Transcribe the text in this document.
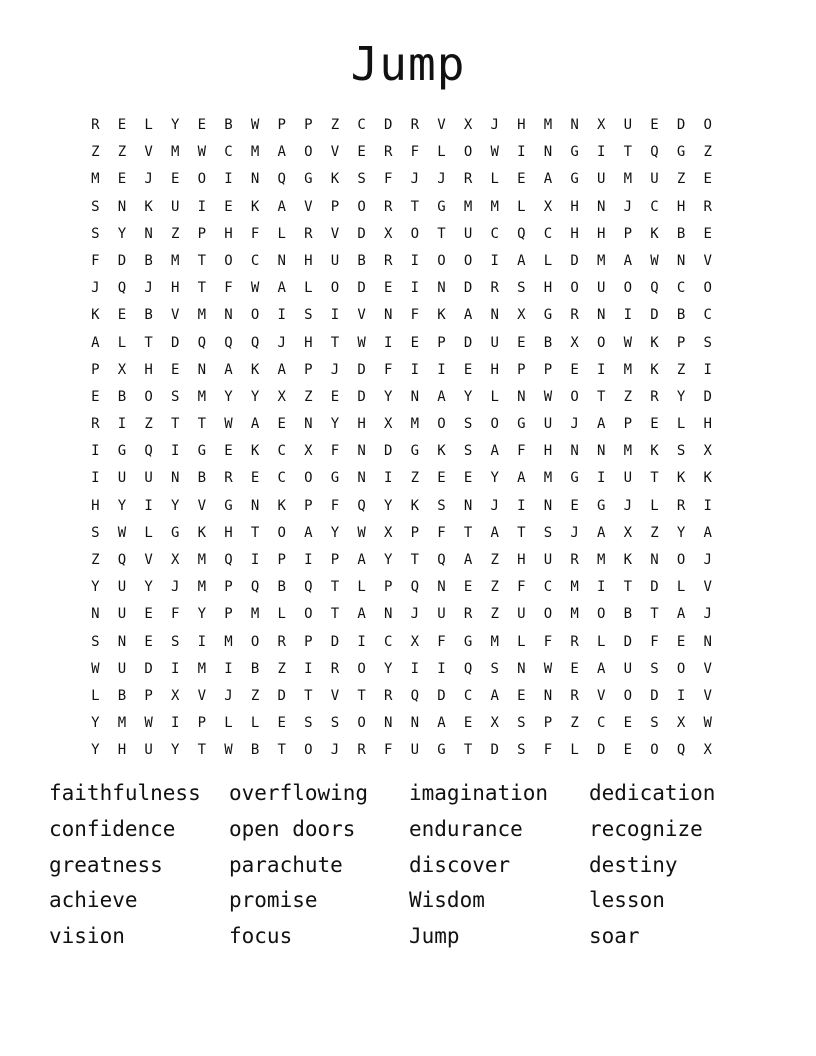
Jump
R	E	L	Y	E	B	W	P	P	Z	C	D	R	V	X	J	H	M	N	X	U	E	D	O
Z	Z	V	M	W	C	M	A	O	V	E	R	F	L	O	W	I	N	G	I	T	Q	G	Z
M	E	J	E	O	I	N	Q	G	K	S	F	J	J	R	L	E	A	G	U	M	U	Z	E
S	N	K	U	I	E	K	A	V	P	O	R	T	G	M	M	L	X	H	N	J	C	H	R
S	Y	N	Z	P	H	F	L	R	V	D	X	O	T	U	C	Q	C	H	H	P	K	B	E
F	D	B	M	T	O	C	N	H	U	B	R	I	O	O	I	A	L	D	M	A	W	N	V
J	Q	J	H	T	F	W	A	L	O	D	E	I	N	D	R	S	H	O	U	O	Q	C	O
K	E	B	V	M	N	O	I	S	I	V	N	F	K	A	N	X	G	R	N	I	D	B	C
A	L	T	D	Q	Q	Q	J	H	T	W	I	E	P	D	U	E	B	X	O	W	K	P	S
P	X	H	E	N	A	K	A	P	J	D	F	I	I	E	H	P	P	E	I	M	K	Z	I
E	B	O	S	M	Y	Y	X	Z	E	D	Y	N	A	Y	L	N	W	O	T	Z	R	Y	D
R	I	Z	T	T	W	A	E	N	Y	H	X	M	O	S	O	G	U	J	A	P	E	L	H
I	G	Q	I	G	E	K	C	X	F	N	D	G	K	S	A	F	H	N	N	M	K	S	X
I	U	U	N	B	R	E	C	O	G	N	I	Z	E	E	Y	A	M	G	I	U	T	K	K
H	Y	I	Y	V	G	N	K	P	F	Q	Y	K	S	N	J	I	N	E	G	J	L	R	I
S	W	L	G	K	H	T	O	A	Y	W	X	P	F	T	A	T	S	J	A	X	Z	Y	A
Z	Q	V	X	M	Q	I	P	I	P	A	Y	T	Q	A	Z	H	U	R	M	K	N	O	J
Y	U	Y	J	M	P	Q	B	Q	T	L	P	Q	N	E	Z	F	C	M	I	T	D	L	V
N	U	E	F	Y	P	M	L	O	T	A	N	J	U	R	Z	U	O	M	O	B	T	A	J
S	N	E	S	I	M	O	R	P	D	I	C	X	F	G	M	L	F	R	L	D	F	E	N
W	U	D	I	M	I	B	Z	I	R	O	Y	I	I	Q	S	N	W	E	A	U	S	O	V
L	B	P	X	V	J	Z	D	T	V	T	R	Q	D	C	A	E	N	R	V	O	D	I	V
Y	M	W	I	P	L	L	E	S	S	O	N	N	A	E	X	S	P	Z	C	E	S	X	W
Y	H	U	Y	T	W	B	T	O	J	R	F	U	G	T	D	S	F	L	D	E	O	Q	X
faithfulness	overflowing	imagination	dedication
confidence	open doors	endurance	recognize
greatness	parachute	discover	destiny
achieve	promise	Wisdom	lesson
vision	focus	Jump	soar
